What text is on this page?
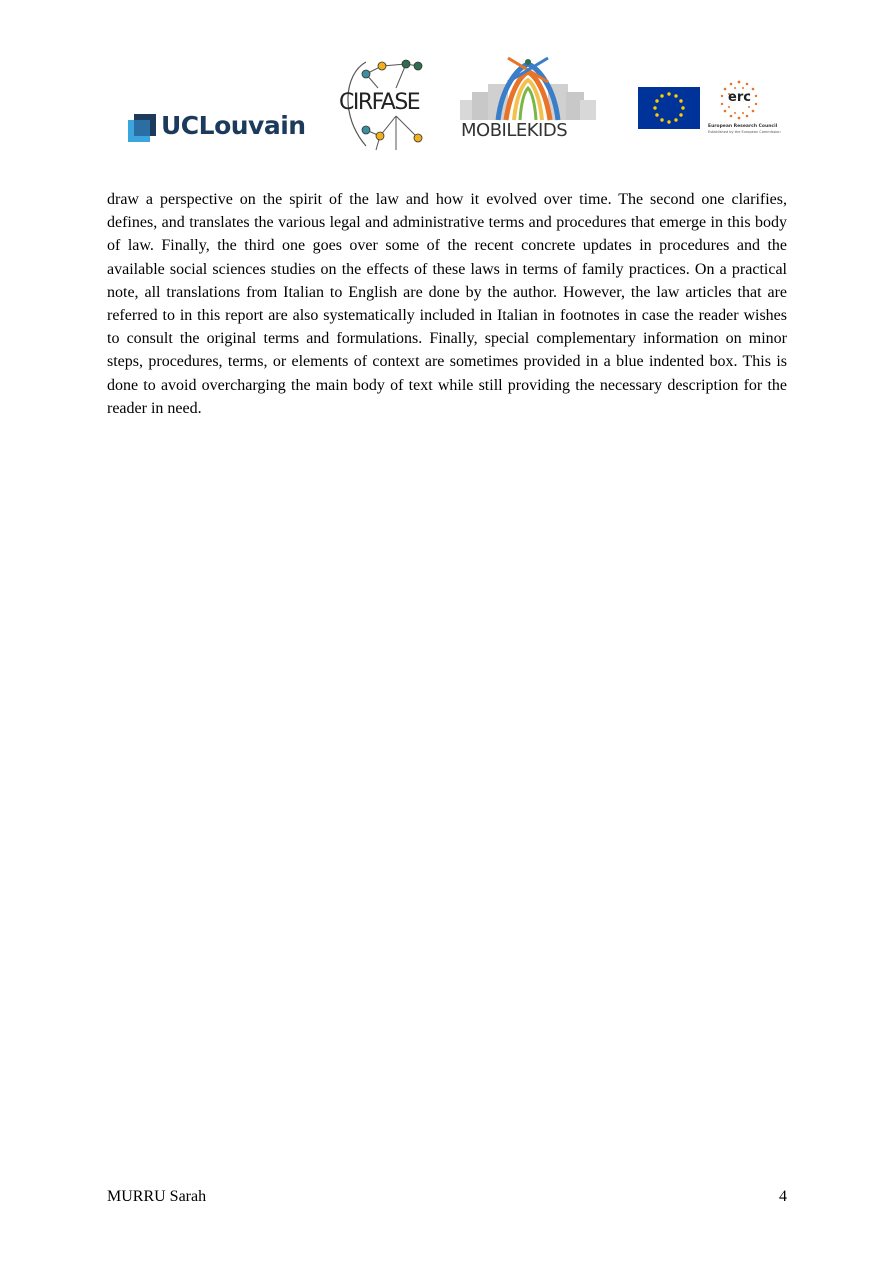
UCLouvain
CIRFASE
MOBILEKIDS
erc
European Research Council
Established by the European Commission

draw a perspective on the spirit of the law and how it evolved over time. The second one clarifies, defines, and translates the various legal and administrative terms and procedures that emerge in this body of law. Finally, the third one goes over some of the recent concrete updates in procedures and the available social sciences studies on the effects of these laws in terms of family practices. On a practical note, all translations from Italian to English are done by the author. However, the law articles that are referred to in this report are also systematically included in Italian in footnotes in case the reader wishes to consult the original terms and formulations. Finally, special complementary information on minor steps, procedures, terms, or elements of context are sometimes provided in a blue indented box. This is done to avoid overcharging the main body of text while still providing the necessary description for the reader in need.

MURRU Sarah	4
